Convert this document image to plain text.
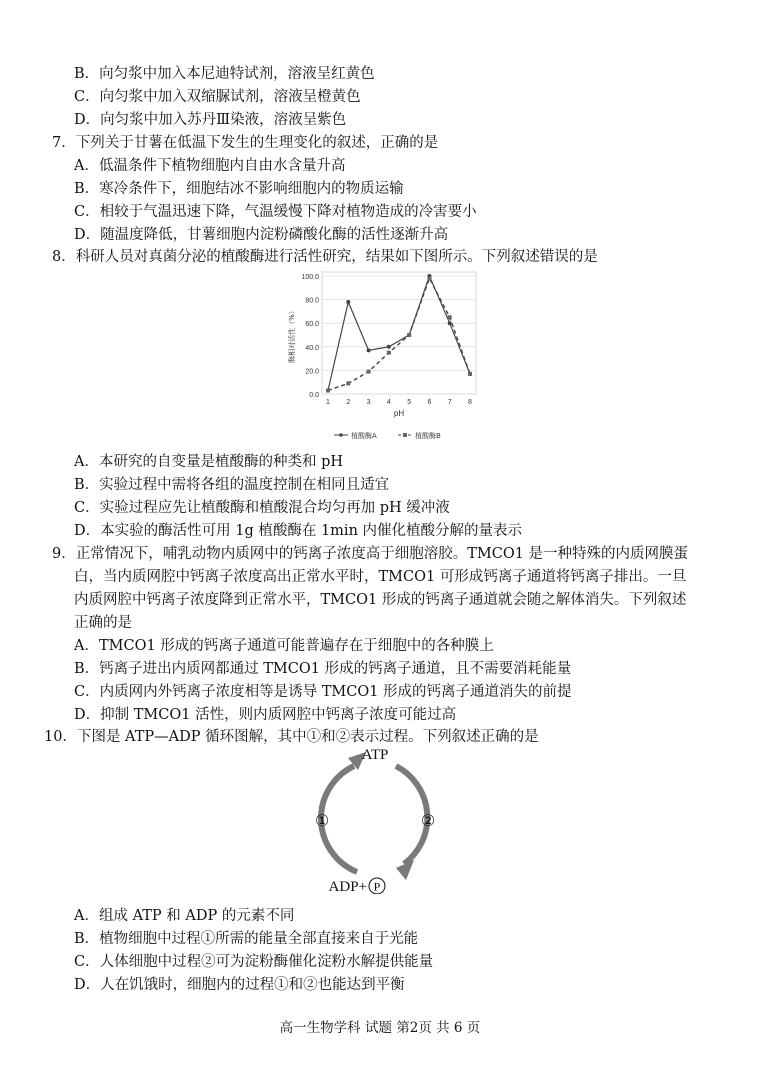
B．向匀浆中加入本尼迪特试剂，溶液呈红黄色
C．向匀浆中加入双缩脲试剂，溶液呈橙黄色
D．向匀浆中加入苏丹Ⅲ染液，溶液呈紫色
7．下列关于甘薯在低温下发生的生理变化的叙述，正确的是
A．低温条件下植物细胞内自由水含量升高
B．寒冷条件下，细胞结冰不影响细胞内的物质运输
C．相较于气温迅速下降，气温缓慢下降对植物造成的冷害要小
D．随温度降低，甘薯细胞内淀粉磷酸化酶的活性逐渐升高
8．科研人员对真菌分泌的植酸酶进行活性研究，结果如下图所示。下列叙述错误的是
0.0
20.0
40.0
60.0
80.0
100.0
1 2 3 4 5 6 7 8
pH
酶相对活性（%）
植酸酶A	植酸酶B
A．本研究的自变量是植酸酶的种类和 pH
B．实验过程中需将各组的温度控制在相同且适宜
C．实验过程应先让植酸酶和植酸混合均匀再加 pH 缓冲液
D．本实验的酶活性可用 1g 植酸酶在 1min 内催化植酸分解的量表示
9．正常情况下，哺乳动物内质网中的钙离子浓度高于细胞溶胶。TMCO1 是一种特殊的内质网膜蛋
白，当内质网腔中钙离子浓度高出正常水平时，TMCO1 可形成钙离子通道将钙离子排出。一旦
内质网腔中钙离子浓度降到正常水平，TMCO1 形成的钙离子通道就会随之解体消失。下列叙述
正确的是
A．TMCO1 形成的钙离子通道可能普遍存在于细胞中的各种膜上
B．钙离子进出内质网都通过 TMCO1 形成的钙离子通道，且不需要消耗能量
C．内质网内外钙离子浓度相等是诱导 TMCO1 形成的钙离子通道消失的前提
D．抑制 TMCO1 活性，则内质网腔中钙离子浓度可能过高
10．下图是 ATP—ADP 循环图解，其中①和②表示过程。下列叙述正确的是
ATP
ADP+ P
①	②
A．组成 ATP 和 ADP 的元素不同
B．植物细胞中过程①所需的能量全部直接来自于光能
C．人体细胞中过程②可为淀粉酶催化淀粉水解提供能量
D．人在饥饿时，细胞内的过程①和②也能达到平衡
高一生物学科 试题 第2页 共 6 页
